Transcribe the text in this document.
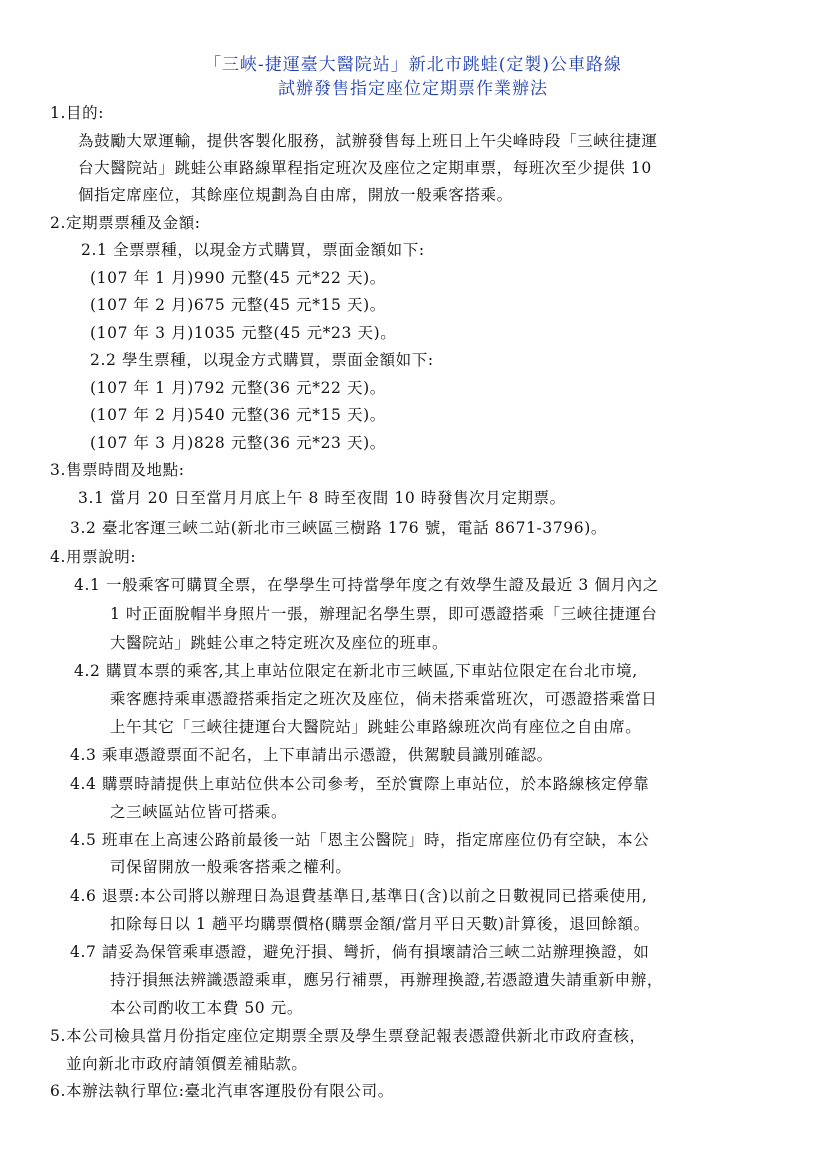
「三峽-捷運臺大醫院站」新北市跳蛙(定製)公車路線
試辦發售指定座位定期票作業辦法
1.目的:
為鼓勵大眾運輸，提供客製化服務，試辦發售每上班日上午尖峰時段「三峽往捷運
台大醫院站」跳蛙公車路線單程指定班次及座位之定期車票，每班次至少提供 10
個指定席座位，其餘座位規劃為自由席，開放一般乘客搭乘。
2.定期票票種及金額:
2.1 全票票種，以現金方式購買，票面金額如下:
(107 年 1 月)990 元整(45 元*22 天)。
(107 年 2 月)675 元整(45 元*15 天)。
(107 年 3 月)1035 元整(45 元*23 天)。
2.2 學生票種，以現金方式購買，票面金額如下:
(107 年 1 月)792 元整(36 元*22 天)。
(107 年 2 月)540 元整(36 元*15 天)。
(107 年 3 月)828 元整(36 元*23 天)。
3.售票時間及地點:
3.1 當月 20 日至當月月底上午 8 時至夜間 10 時發售次月定期票。
3.2 臺北客運三峽二站(新北市三峽區三樹路 176 號，電話 8671-3796)。
4.用票說明:
4.1 一般乘客可購買全票，在學學生可持當學年度之有效學生證及最近 3 個月內之
1 吋正面脫帽半身照片一張，辦理記名學生票，即可憑證搭乘「三峽往捷運台
大醫院站」跳蛙公車之特定班次及座位的班車。
4.2 購買本票的乘客,其上車站位限定在新北市三峽區,下車站位限定在台北市境,
乘客應持乘車憑證搭乘指定之班次及座位，倘未搭乘當班次，可憑證搭乘當日
上午其它「三峽往捷運台大醫院站」跳蛙公車路線班次尚有座位之自由席。
4.3 乘車憑證票面不記名，上下車請出示憑證，供駕駛員識別確認。
4.4 購票時請提供上車站位供本公司參考，至於實際上車站位，於本路線核定停靠
之三峽區站位皆可搭乘。
4.5 班車在上高速公路前最後一站「恩主公醫院」時，指定席座位仍有空缺，本公
司保留開放一般乘客搭乘之權利。
4.6 退票:本公司將以辦理日為退費基準日,基準日(含)以前之日數視同已搭乘使用,
扣除每日以 1 趟平均購票價格(購票金額/當月平日天數)計算後，退回餘額。
4.7 請妥為保管乘車憑證，避免汙損、彎折，倘有損壞請洽三峽二站辦理換證，如
持汙損無法辨識憑證乘車，應另行補票，再辦理換證,若憑證遺失請重新申辦，
本公司酌收工本費 50 元。
5.本公司檢具當月份指定座位定期票全票及學生票登記報表憑證供新北市政府查核，
並向新北市政府請領價差補貼款。
6.本辦法執行單位:臺北汽車客運股份有限公司。
